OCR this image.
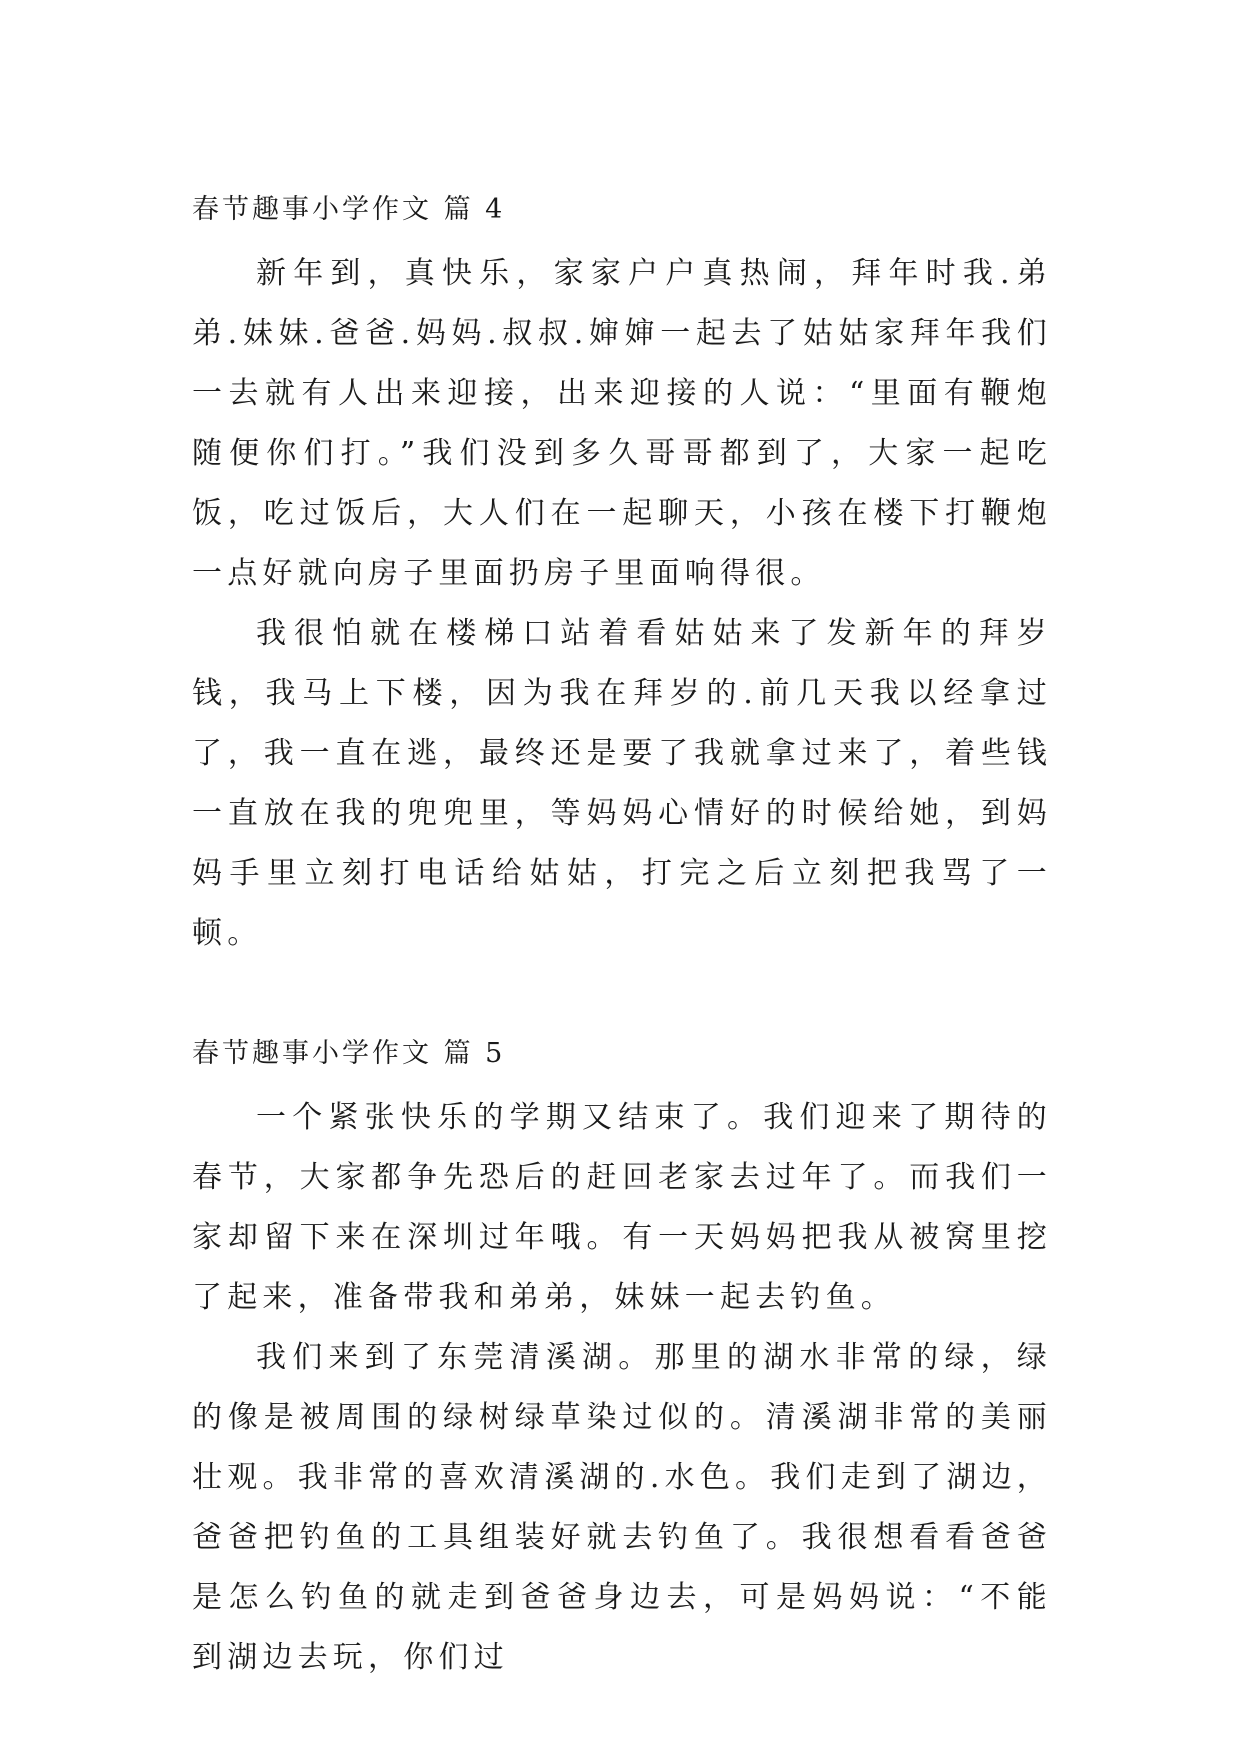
春节趣事小学作文 篇 4

新年到，真快乐，家家户户真热闹，拜年时我.弟弟.妹妹.爸爸.妈妈.叔叔.婶婶一起去了姑姑家拜年我们一去就有人出来迎接，出来迎接的人说：“里面有鞭炮随便你们打。”我们没到多久哥哥都到了，大家一起吃饭，吃过饭后，大人们在一起聊天，小孩在楼下打鞭炮一点好就向房子里面扔房子里面响得很。

我很怕就在楼梯口站着看姑姑来了发新年的拜岁钱，我马上下楼，因为我在拜岁的.前几天我以经拿过了，我一直在逃，最终还是要了我就拿过来了，着些钱一直放在我的兜兜里，等妈妈心情好的时候给她，到妈妈手里立刻打电话给姑姑，打完之后立刻把我骂了一顿。

春节趣事小学作文 篇 5

一个紧张快乐的学期又结束了。我们迎来了期待的春节，大家都争先恐后的赶回老家去过年了。而我们一家却留下来在深圳过年哦。有一天妈妈把我从被窝里挖了起来，准备带我和弟弟，妹妹一起去钓鱼。

我们来到了东莞清溪湖。那里的湖水非常的绿，绿的像是被周围的绿树绿草染过似的。清溪湖非常的美丽壮观。我非常的喜欢清溪湖的.水色。我们走到了湖边，爸爸把钓鱼的工具组装好就去钓鱼了。我很想看看爸爸是怎么钓鱼的就走到爸爸身边去，可是妈妈说：“不能到湖边去玩，你们过
